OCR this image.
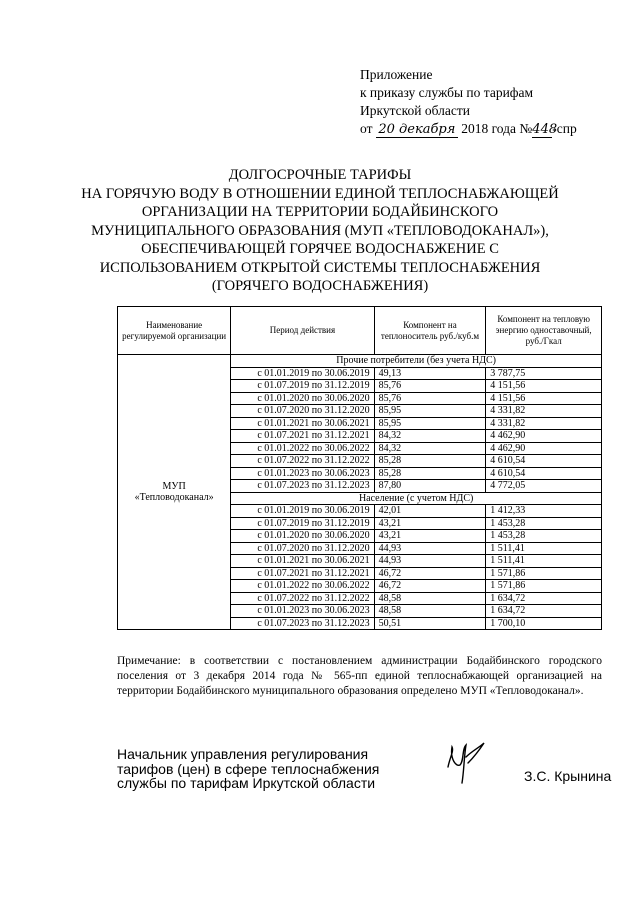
Приложение
к приказу службы по тарифам
Иркутской области
от 20 декабря 2018 года №448-спр
ДОЛГОСРОЧНЫЕ ТАРИФЫ
НА ГОРЯЧУЮ ВОДУ В ОТНОШЕНИИ ЕДИНОЙ ТЕПЛОСНАБЖАЮЩЕЙ
ОРГАНИЗАЦИИ НА ТЕРРИТОРИИ БОДАЙБИНСКОГО
МУНИЦИПАЛЬНОГО ОБРАЗОВАНИЯ (МУП «ТЕПЛОВОДОКАНАЛ»),
ОБЕСПЕЧИВАЮЩЕЙ ГОРЯЧЕЕ ВОДОСНАБЖЕНИЕ С
ИСПОЛЬЗОВАНИЕМ ОТКРЫТОЙ СИСТЕМЫ ТЕПЛОСНАБЖЕНИЯ
(ГОРЯЧЕГО ВОДОСНАБЖЕНИЯ)
Наименование регулируемой организации	Период действия	Компонент на теплоноситель руб./куб.м	Компонент на тепловую энергию одноставочный, руб./Гкал
МУП «Тепловодоканал»	Прочие потребители (без учета НДС)		
	с 01.01.2019 по 30.06.2019	49,13	3 787,75
	с 01.07.2019 по 31.12.2019	85,76	4 151,56
	с 01.01.2020 по 30.06.2020	85,76	4 151,56
	с 01.07.2020 по 31.12.2020	85,95	4 331,82
	с 01.01.2021 по 30.06.2021	85,95	4 331,82
	с 01.07.2021 по 31.12.2021	84,32	4 462,90
	с 01.01.2022 по 30.06.2022	84,32	4 462,90
	с 01.07.2022 по 31.12.2022	85,28	4 610,54
	с 01.01.2023 по 30.06.2023	85,28	4 610,54
	с 01.07.2023 по 31.12.2023	87,80	4 772,05
	Население (с учетом НДС)		
	с 01.01.2019 по 30.06.2019	42,01	1 412,33
	с 01.07.2019 по 31.12.2019	43,21	1 453,28
	с 01.01.2020 по 30.06.2020	43,21	1 453,28
	с 01.07.2020 по 31.12.2020	44,93	1 511,41
	с 01.01.2021 по 30.06.2021	44,93	1 511,41
	с 01.07.2021 по 31.12.2021	46,72	1 571,86
	с 01.01.2022 по 30.06.2022	46,72	1 571,86
	с 01.07.2022 по 31.12.2022	48,58	1 634,72
	с 01.01.2023 по 30.06.2023	48,58	1 634,72
	с 01.07.2023 по 31.12.2023	50,51	1 700,10
Примечание: в соответствии с постановлением администрации Бодайбинского городского поселения от 3 декабря 2014 года № 565-пп единой теплоснабжающей организацией на территории Бодайбинского муниципального образования определено МУП «Тепловодоканал».
Начальник управления регулирования
тарифов (цен) в сфере теплоснабжения
службы по тарифам Иркутской области	З.С. Крынина
